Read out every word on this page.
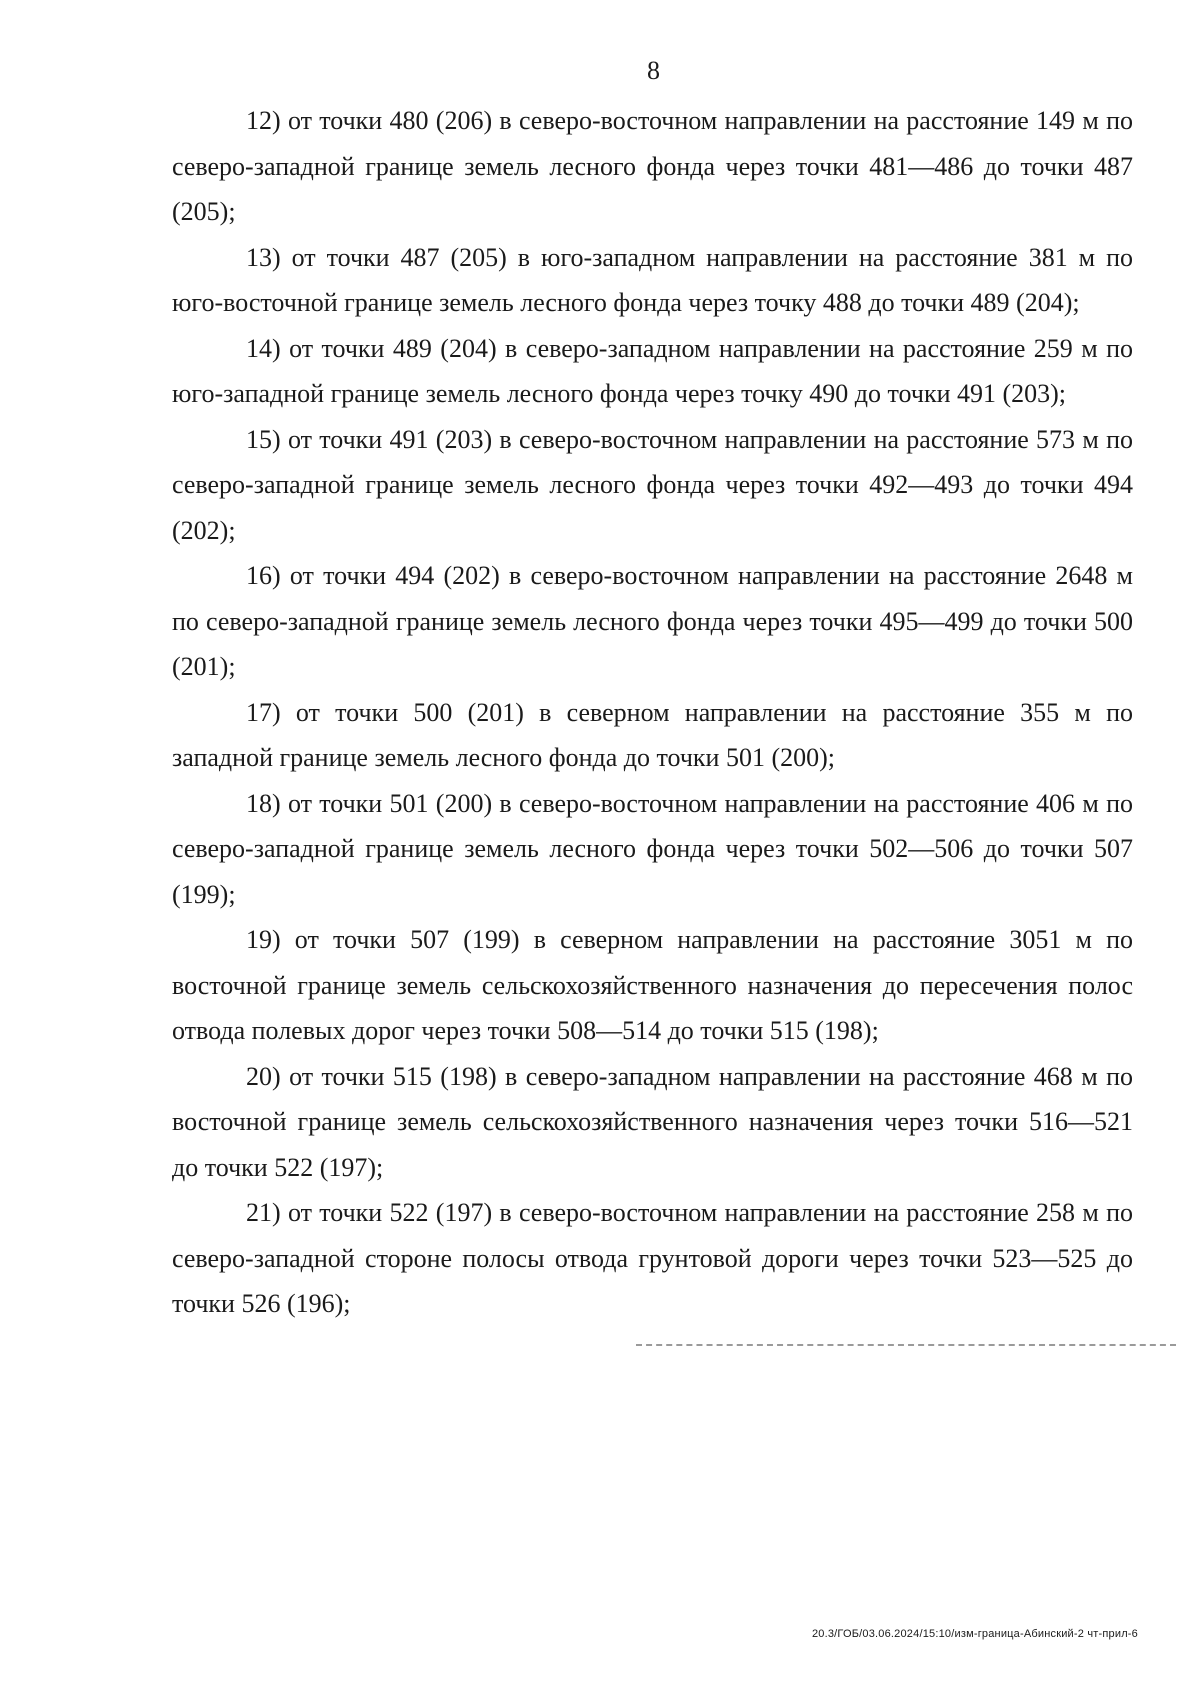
8

12) от точки 480 (206) в северо-восточном направлении на расстояние 149 м по северо-западной границе земель лесного фонда через точки 481—486 до точки 487 (205);

13) от точки 487 (205) в юго-западном направлении на расстояние 381 м по юго-восточной границе земель лесного фонда через точку 488 до точки 489 (204);

14) от точки 489 (204) в северо-западном направлении на расстояние 259 м по юго-западной границе земель лесного фонда через точку 490 до точки 491 (203);

15) от точки 491 (203) в северо-восточном направлении на расстояние 573 м по северо-западной границе земель лесного фонда через точки 492—493 до точки 494 (202);

16) от точки 494 (202) в северо-восточном направлении на расстояние 2648 м по северо-западной границе земель лесного фонда через точки 495—499 до точки 500 (201);

17) от точки 500 (201) в северном направлении на расстояние 355 м по западной границе земель лесного фонда до точки 501 (200);

18) от точки 501 (200) в северо-восточном направлении на расстояние 406 м по северо-западной границе земель лесного фонда через точки 502—506 до точки 507 (199);

19) от точки 507 (199) в северном направлении на расстояние 3051 м по восточной границе земель сельскохозяйственного назначения до пересечения полос отвода полевых дорог через точки 508—514 до точки 515 (198);

20) от точки 515 (198) в северо-западном направлении на расстояние 468 м по восточной границе земель сельскохозяйственного назначения через точки 516—521 до точки 522 (197);

21) от точки 522 (197) в северо-восточном направлении на расстояние 258 м по северо-западной стороне полосы отвода грунтовой дороги через точки 523—525 до точки 526 (196);

20.3/ГОБ/03.06.2024/15:10/изм-граница-Абинский-2 чт-прил-6
